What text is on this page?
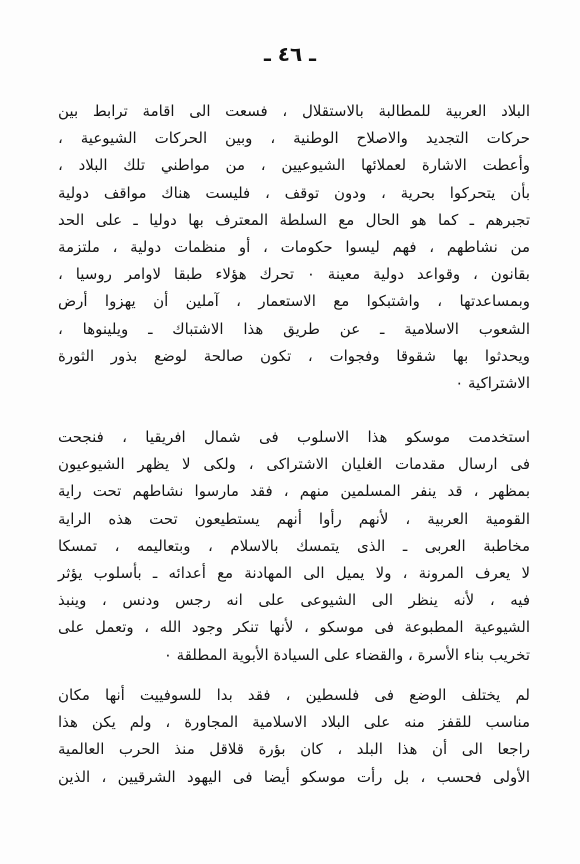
ـ ٤٦ ـ
البلاد العربية للمطالبة بالاستقلال ، فسعت الى اقامة ترابط بين
حركات التجديد والاصلاح الوطنية ، وبين الحركات الشيوعية ،
وأعطت الاشارة لعملائها الشيوعيين ، من مواطني تلك البلاد ،
بأن يتحركوا بحرية ، ودون توقف ، فليست هناك مواقف دولية
تجبرهم ـ كما هو الحال مع السلطة المعترف بها دوليا ـ على الحد
من نشاطهم ، فهم ليسوا حكومات ، أو منظمات دولية ، ملتزمة
بقانون ، وقواعد دولية معينة ٠ تحرك هؤلاء طبقا لاوامر روسيا ،
وبمساعدتها ، واشتبكوا مع الاستعمار ، آملين أن يهزوا أرض
الشعوب الاسلامية ـ عن طريق هذا الاشتباك ـ ويلينوها ،
ويحدثوا بها شقوقا وفجوات ، تكون صالحة لوضع بذور الثورة
الاشتراكية ٠
استخدمت موسكو هذا الاسلوب فى شمال افريقيا ، فنجحت
فى ارسال مقدمات الغليان الاشتراكى ، ولكى لا يظهر الشيوعيون
بمظهر ، قد ينفر المسلمين منهم ، فقد مارسوا نشاطهم تحت راية
القومية العربية ، لأنهم رأوا أنهم يستطيعون تحت هذه الراية
مخاطبة العربى ـ الذى يتمسك بالاسلام ، وبتعاليمه ، تمسكا
لا يعرف المرونة ، ولا يميل الى المهادنة مع أعدائه ـ بأسلوب يؤثر
فيه ، لأنه ينظر الى الشيوعى على انه رجس ودنس ، وينبذ
الشيوعية المطبوعة فى موسكو ، لأنها تنكر وجود الله ، وتعمل على
تخريب بناء الأسرة ، والقضاء على السيادة الأبوية المطلقة ٠
لم يختلف الوضع فى فلسطين ، فقد بدا للسوفييت أنها مكان
مناسب للقفز منه على البلاد الاسلامية المجاورة ، ولم يكن هذا
راجعا الى أن هذا البلد ، كان بؤرة قلاقل منذ الحرب العالمية
الأولى فحسب ، بل رأت موسكو أيضا فى اليهود الشرقيين ، الذين
